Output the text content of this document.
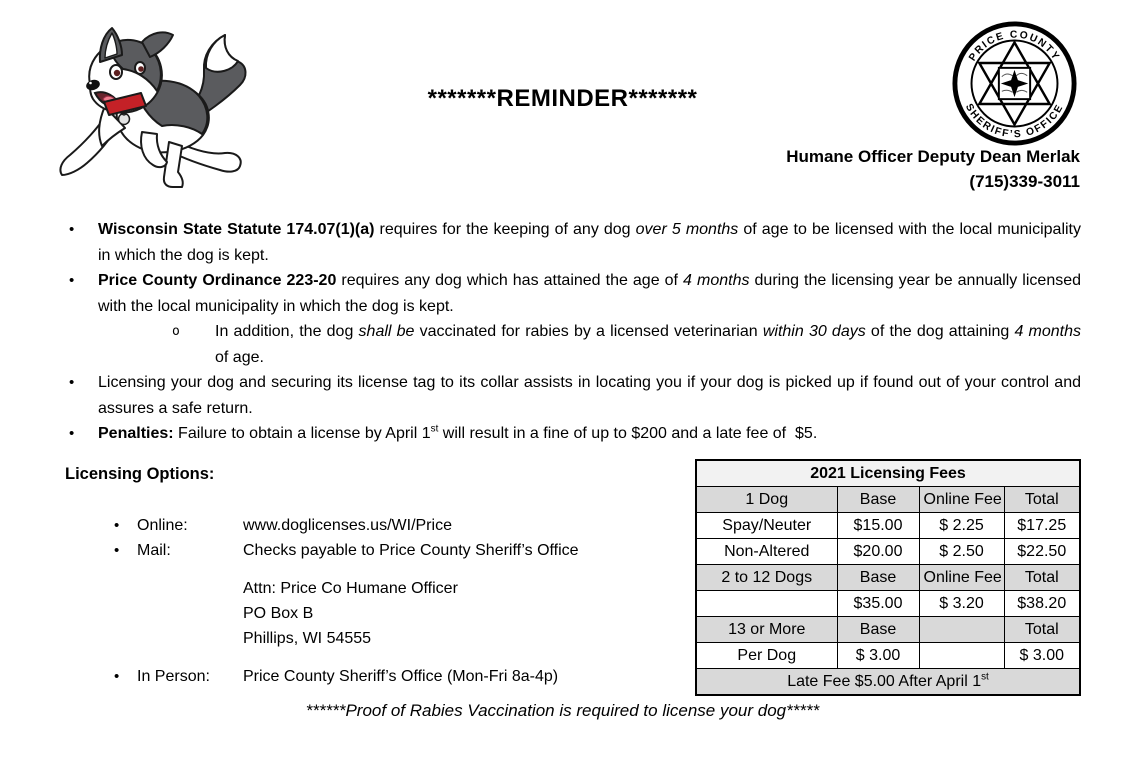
*******REMINDER*******
PRICE COUNTY
SHERIFF’S OFFICE
Humane Officer Deputy Dean Merlak
(715)339-3011
•	Wisconsin State Statute 174.07(1)(a) requires for the keeping of any dog over 5 months of age to be licensed with the local municipality in which the dog is kept.
•	Price County Ordinance 223-20 requires any dog which has attained the age of 4 months during the licensing year be annually licensed with the local municipality in which the dog is kept.
o	In addition, the dog shall be vaccinated for rabies by a licensed veterinarian within 30 days of the dog attaining 4 months of age.
•	Licensing your dog and securing its license tag to its collar assists in locating you if your dog is picked up if found out of your control and assures a safe return.
•	Penalties: Failure to obtain a license by April 1st will result in a fine of up to $200 and a late fee of  $5.
Licensing Options:
•	Online:	www.doglicenses.us/WI/Price
•	Mail:	Checks payable to Price County Sheriff’s Office
Attn: Price Co Humane Officer
PO Box B
Phillips, WI 54555
•	In Person:	Price County Sheriff’s Office (Mon-Fri 8a-4p)
2021 Licensing Fees			
1 Dog	Base	Online Fee	Total
Spay/Neuter	$15.00	$ 2.25	$17.25
Non-Altered	$20.00	$ 2.50	$22.50
2 to 12 Dogs	Base	Online Fee	Total
	$35.00	$ 3.20	$38.20
13 or More	Base		Total
Per Dog	$ 3.00		$ 3.00
Late Fee $5.00 After April 1st
******Proof of Rabies Vaccination is required to license your dog*****
